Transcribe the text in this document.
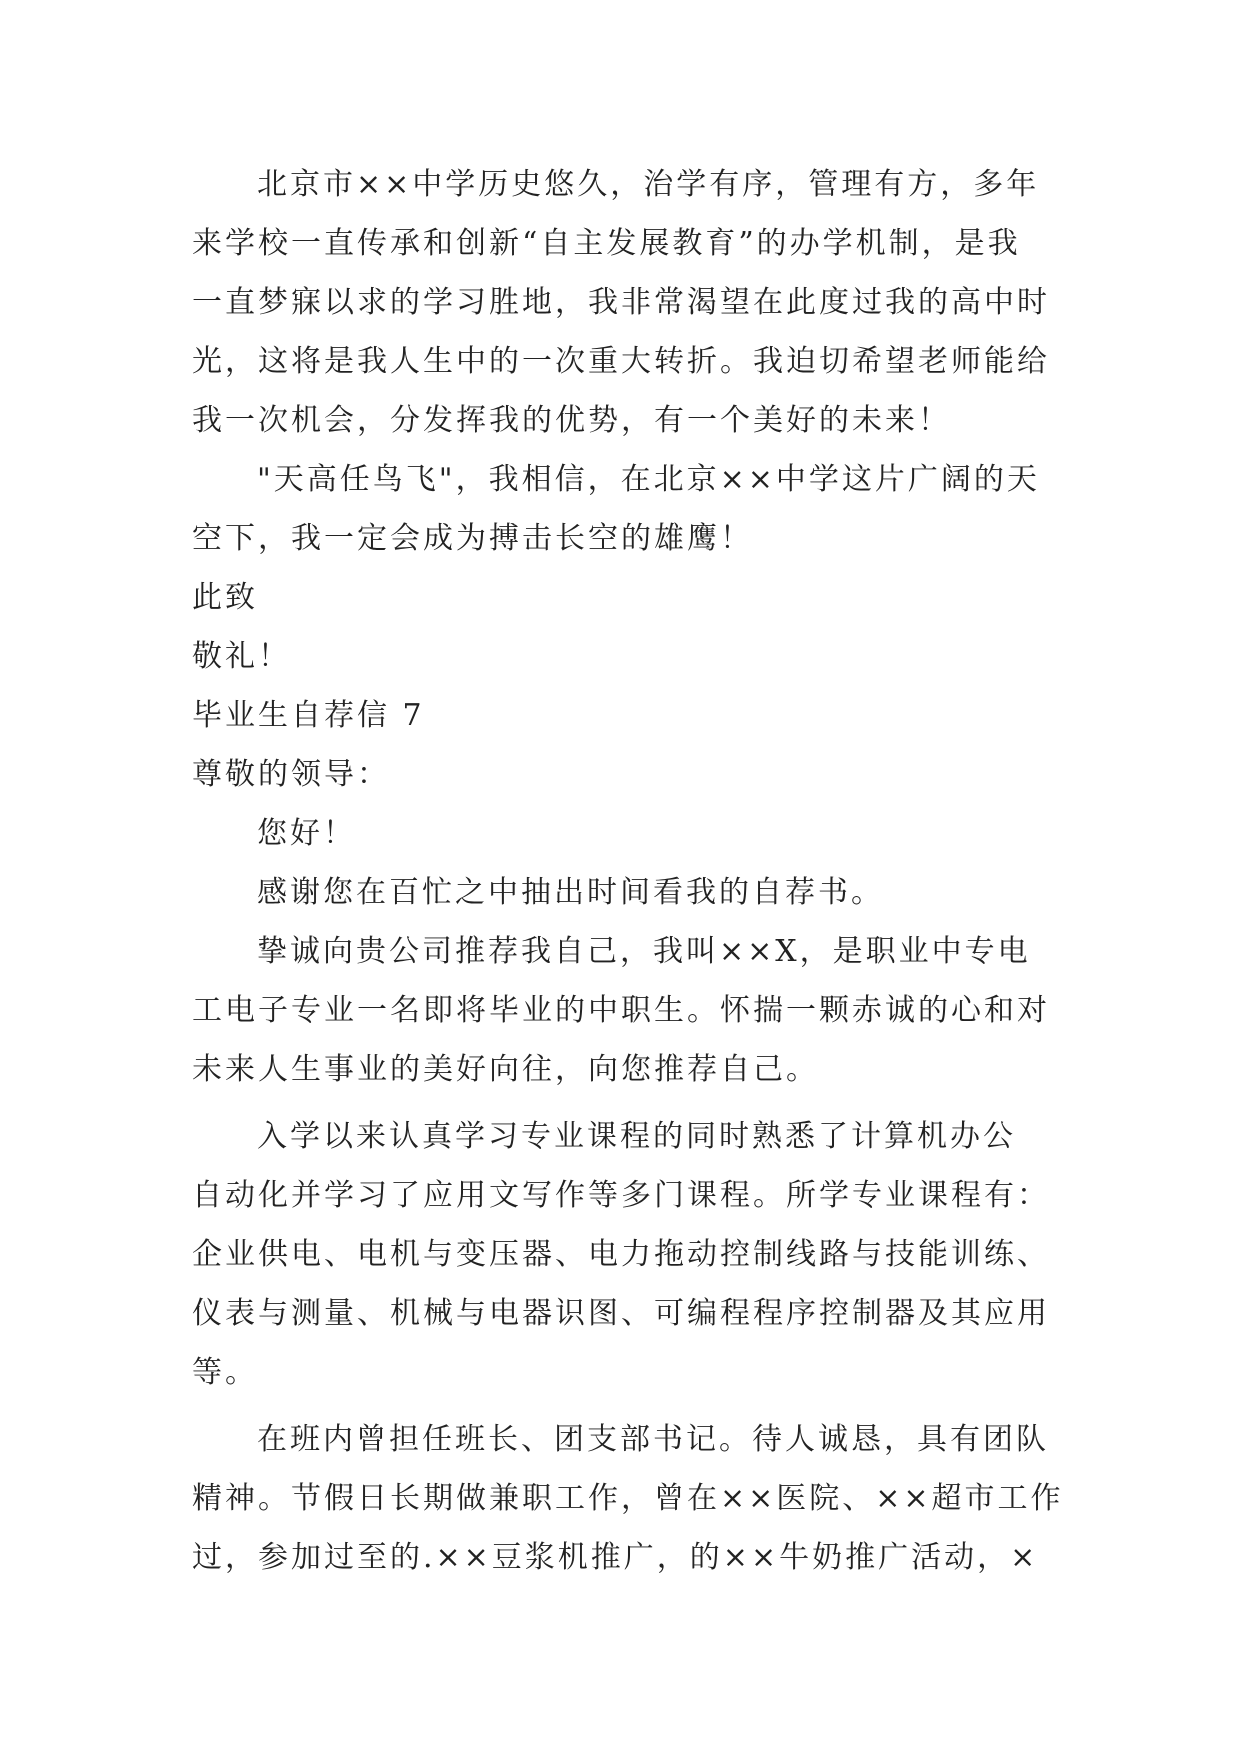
北京市××中学历史悠久，治学有序，管理有方，多年
来学校一直传承和创新“自主发展教育”的办学机制，是我
一直梦寐以求的学习胜地，我非常渴望在此度过我的高中时
光，这将是我人生中的一次重大转折。我迫切希望老师能给
我一次机会，分发挥我的优势，有一个美好的未来！
"天高任鸟飞"，我相信，在北京××中学这片广阔的天
空下，我一定会成为搏击长空的雄鹰！
此致
敬礼！
毕业生自荐信 7
尊敬的领导：
您好！
感谢您在百忙之中抽出时间看我的自荐书。
挚诚向贵公司推荐我自己，我叫××X，是职业中专电
工电子专业一名即将毕业的中职生。怀揣一颗赤诚的心和对
未来人生事业的美好向往，向您推荐自己。
入学以来认真学习专业课程的同时熟悉了计算机办公
自动化并学习了应用文写作等多门课程。所学专业课程有：
企业供电、电机与变压器、电力拖动控制线路与技能训练、
仪表与测量、机械与电器识图、可编程程序控制器及其应用
等。
在班内曾担任班长、团支部书记。待人诚恳，具有团队
精神。节假日长期做兼职工作，曾在××医院、××超市工作
过，参加过至的.××豆浆机推广，的××牛奶推广活动，×
